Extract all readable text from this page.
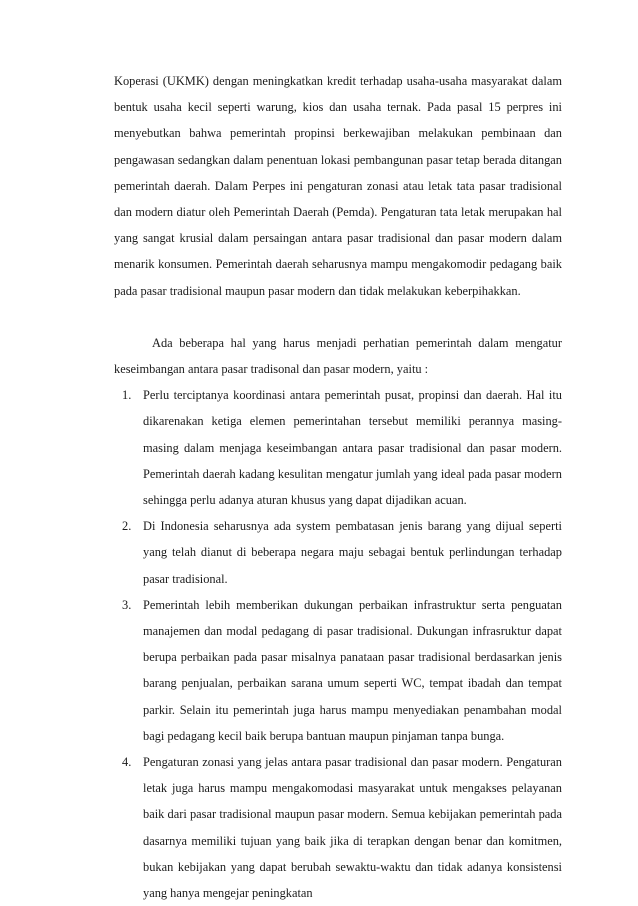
Koperasi (UKMK) dengan meningkatkan kredit terhadap usaha-usaha masyarakat dalam bentuk usaha kecil seperti warung, kios dan usaha ternak. Pada pasal 15 perpres ini menyebutkan bahwa pemerintah propinsi berkewajiban melakukan pembinaan dan pengawasan sedangkan dalam penentuan lokasi pembangunan pasar tetap berada ditangan pemerintah daerah. Dalam Perpes ini pengaturan zonasi atau letak tata pasar tradisional dan modern diatur oleh Pemerintah Daerah (Pemda). Pengaturan tata letak merupakan hal yang sangat krusial dalam persaingan antara pasar tradisional dan pasar modern dalam menarik konsumen. Pemerintah daerah seharusnya mampu mengakomodir pedagang baik pada pasar tradisional maupun pasar modern dan tidak melakukan keberpihakkan.

Ada beberapa hal yang harus menjadi perhatian pemerintah dalam mengatur keseimbangan antara pasar tradisonal dan pasar modern, yaitu :

1. Perlu terciptanya koordinasi antara pemerintah pusat, propinsi dan daerah. Hal itu dikarenakan ketiga elemen pemerintahan tersebut memiliki perannya masing-masing dalam menjaga keseimbangan antara pasar tradisional dan pasar modern. Pemerintah daerah kadang kesulitan mengatur jumlah yang ideal pada pasar modern sehingga perlu adanya aturan khusus yang dapat dijadikan acuan.
2. Di Indonesia seharusnya ada system pembatasan jenis barang yang dijual seperti yang telah dianut di beberapa negara maju sebagai bentuk perlindungan terhadap pasar tradisional.
3. Pemerintah lebih memberikan dukungan perbaikan infrastruktur serta penguatan manajemen dan modal pedagang di pasar tradisional. Dukungan infrasruktur dapat berupa perbaikan pada pasar misalnya panataan pasar tradisional berdasarkan jenis barang penjualan, perbaikan sarana umum seperti WC, tempat ibadah dan tempat parkir. Selain itu pemerintah juga harus mampu menyediakan penambahan modal bagi pedagang kecil baik berupa bantuan maupun pinjaman tanpa bunga.
4. Pengaturan zonasi yang jelas antara pasar tradisional dan pasar modern. Pengaturan letak juga harus mampu mengakomodasi masyarakat untuk mengakses pelayanan baik dari pasar tradisional maupun pasar modern. Semua kebijakan pemerintah pada dasarnya memiliki tujuan yang baik jika di terapkan dengan benar dan komitmen, bukan kebijakan yang dapat berubah sewaktu-waktu dan tidak adanya konsistensi yang hanya mengejar peningkatan
